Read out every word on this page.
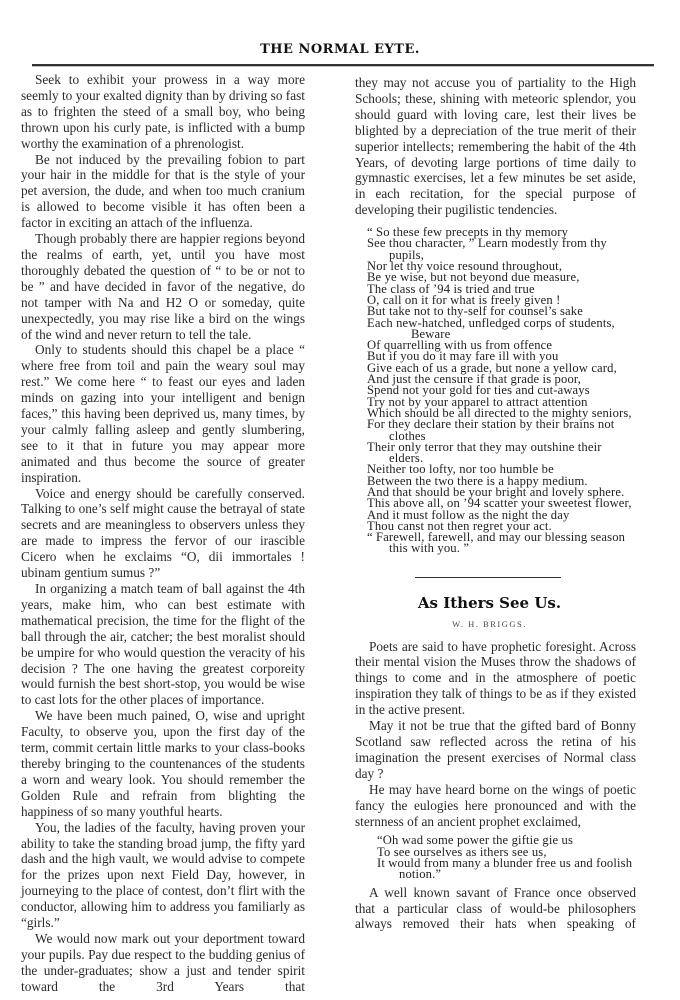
THE NORMAL EYTE.

Seek to exhibit your prowess in a way more seemly to your exalted dignity than by driving so fast as to frighten the steed of a small boy, who being thrown upon his curly pate, is inflicted with a bump worthy the examination of a phrenologist.

Be not induced by the prevailing fobion to part your hair in the middle for that is the style of your pet aversion, the dude, and when too much cranium is allowed to become visible it has often been a factor in exciting an attach of the influenza.

Though probably there are happier regions beyond the realms of earth, yet, until you have most thoroughly debated the question of “ to be or not to be ” and have decided in favor of the negative, do not tamper with Na and H2 O or someday, quite unexpectedly, you may rise like a bird on the wings of the wind and never return to tell the tale.

Only to students should this chapel be a place “ where free from toil and pain the weary soul may rest.” We come here “ to feast our eyes and laden minds on gazing into your intelligent and benign faces,” this having been deprived us, many times, by your calmly falling asleep and gently slumbering, see to it that in future you may appear more animated and thus become the source of greater inspiration.

Voice and energy should be carefully conserved. Talking to one’s self might cause the betrayal of state secrets and are meaningless to observers unless they are made to impress the fervor of our irascible Cicero when he exclaims “O, dii immortales ! ubinam gentium sumus ?”

In organizing a match team of ball against the 4th years, make him, who can best estimate with mathematical precision, the time for the flight of the ball through the air, catcher; the best moralist should be umpire for who would question the veracity of his decision ? The one having the greatest corporeity would furnish the best short-stop, you would be wise to cast lots for the other places of importance.

We have been much pained, O, wise and upright Faculty, to observe you, upon the first day of the term, commit certain little marks to your class-books thereby bringing to the countenances of the students a worn and weary look. You should remember the Golden Rule and refrain from blighting the happiness of so many youthful hearts.

You, the ladies of the faculty, having proven your ability to take the standing broad jump, the fifty yard dash and the high vault, we would advise to compete for the prizes upon next Field Day, however, in journeying to the place of contest, don’t flirt with the conductor, allowing him to address you familiarly as “girls.”

We would now mark out your deportment toward your pupils. Pay due respect to the budding genius of the under-graduates; show a just and tender spirit toward the 3rd Years that

they may not accuse you of partiality to the High Schools; these, shining with meteoric splendor, you should guard with loving care, lest their lives be blighted by a depreciation of the true merit of their superior intellects; remembering the habit of the 4th Years, of devoting large portions of time daily to gymnastic exercises, let a few minutes be set aside, in each recitation, for the special purpose of developing their pugilistic tendencies.

“ So these few precepts in thy memory
See thou character, ” Learn modestly from thy pupils,
Nor let thy voice resound throughout,
Be ye wise, but not beyond due measure,
The class of ’94 is tried and true
O, call on it for what is freely given !
But take not to thy-self for counsel’s sake
Each new-hatched, unfledged corps of students,
Beware
Of quarrelling with us from offence
But if you do it may fare ill with you
Give each of us a grade, but none a yellow card,
And just the censure if that grade is poor,
Spend not your gold for ties and cut-aways
Try not by your apparel to attract attention
Which should be all directed to the mighty seniors,
For they declare their station by their brains not clothes
Their only terror that they may outshine their elders.
Neither too lofty, nor too humble be
Between the two there is a happy medium.
And that should be your bright and lovely sphere.
This above all, on ’94 scatter your sweetest flower,
And it must follow as the night the day
Thou canst not then regret your act.
“ Farewell, farewell, and may our blessing season this with you. ”
As Ithers See Us.
W. H. BRIGGS.

Poets are said to have prophetic foresight. Across their mental vision the Muses throw the shadows of things to come and in the atmosphere of poetic inspiration they talk of things to be as if they existed in the active present.

May it not be true that the gifted bard of Bonny Scotland saw reflected across the retina of his imagination the present exercises of Normal class day ?

He may have heard borne on the wings of poetic fancy the eulogies here pronounced and with the sternness of an ancient prophet exclaimed,

“Oh wad some power the giftie gie us
To see ourselves as ithers see us,
It would from many a blunder free us and foolish notion.”

A well known savant of France once observed that a particular class of would-be philosophers always removed their hats when speaking of
